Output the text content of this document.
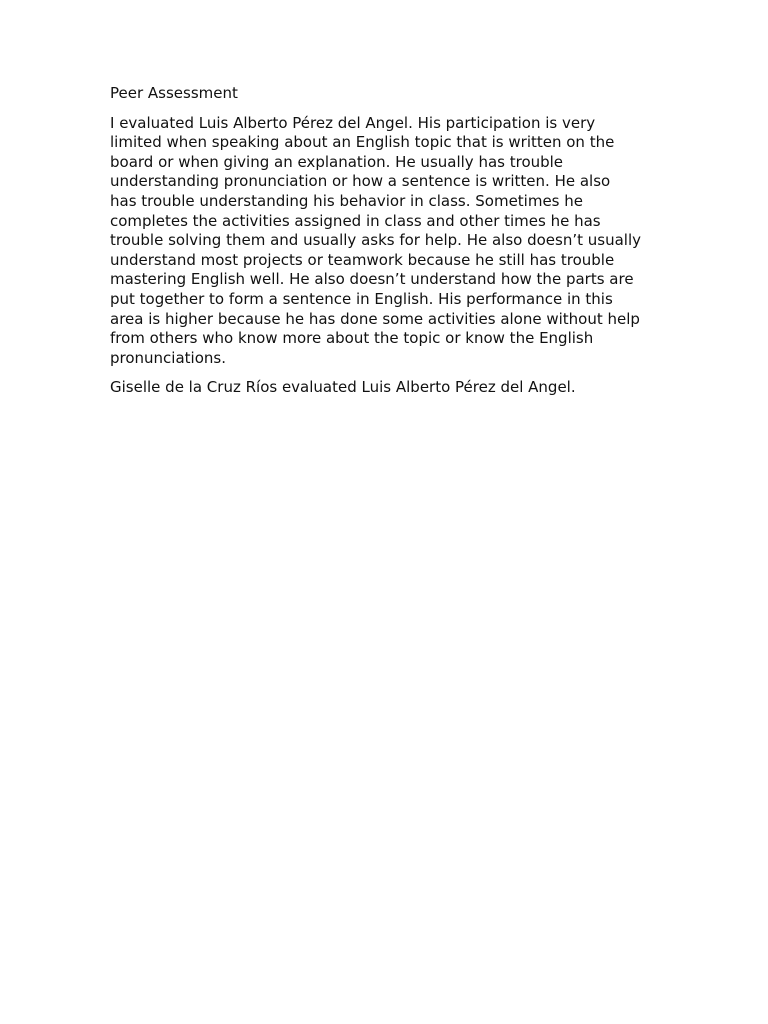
Peer Assessment
I evaluated Luis Alberto Pérez del Angel. His participation is very
limited when speaking about an English topic that is written on the
board or when giving an explanation. He usually has trouble
understanding pronunciation or how a sentence is written. He also
has trouble understanding his behavior in class. Sometimes he
completes the activities assigned in class and other times he has
trouble solving them and usually asks for help. He also doesn’t usually
understand most projects or teamwork because he still has trouble
mastering English well. He also doesn’t understand how the parts are
put together to form a sentence in English. His performance in this
area is higher because he has done some activities alone without help
from others who know more about the topic or know the English
pronunciations.
Giselle de la Cruz Ríos evaluated Luis Alberto Pérez del Angel.
